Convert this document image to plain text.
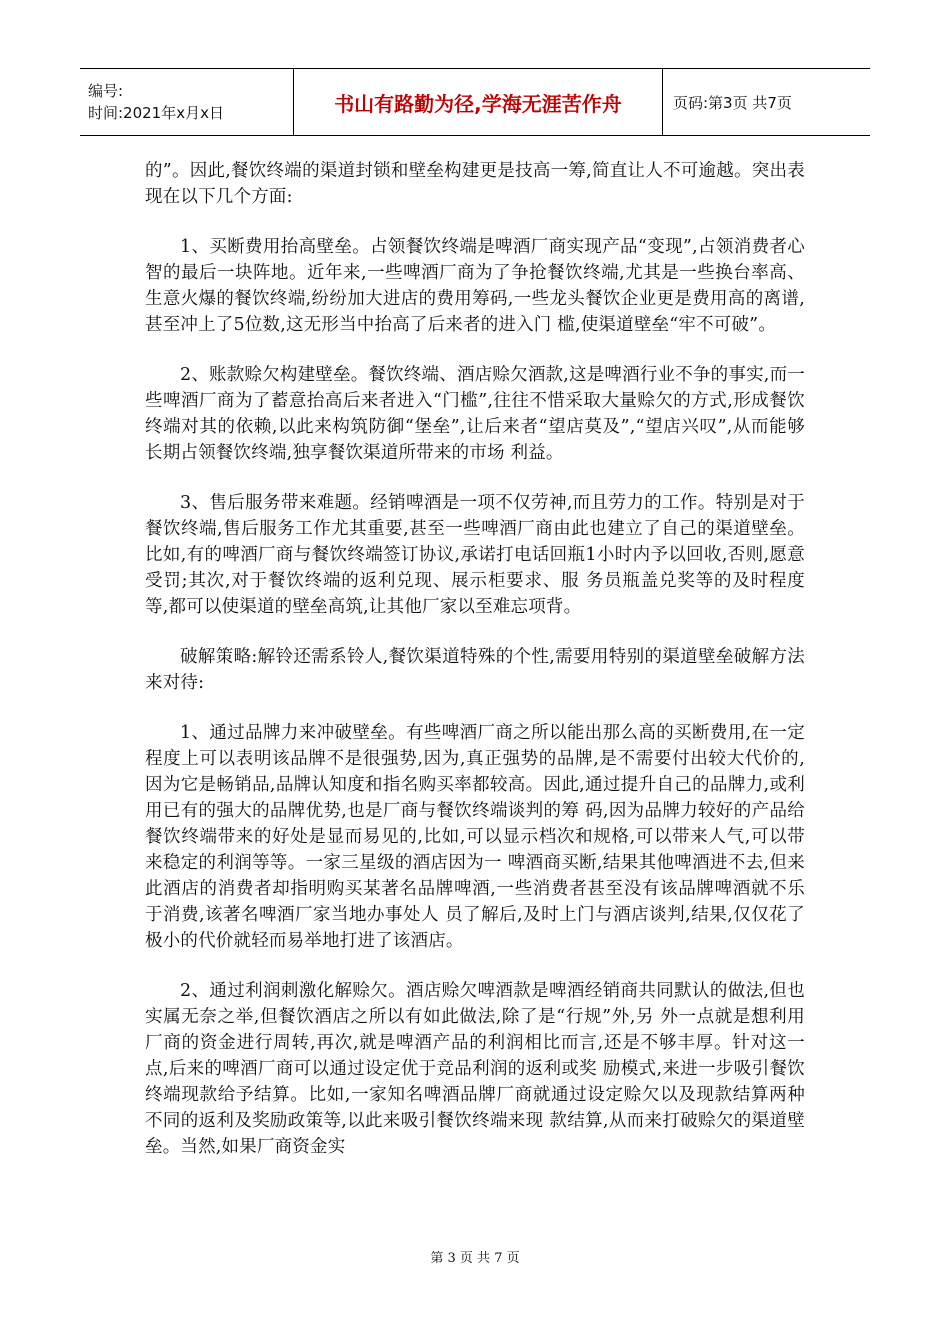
编号:
时间:2021年x月x日	书山有路勤为径,学海无涯苦作舟	页码:第3页 共7页

的”。因此,餐饮终端的渠道封锁和壁垒构建更是技高一筹,简直让人不可逾越。突出表现在以下几个方面:

1、买断费用抬高壁垒。占领餐饮终端是啤酒厂商实现产品“变现”,占领消费者心智的最后一块阵地。近年来,一些啤酒厂商为了争抢餐饮终端,尤其是一些换台率高、生意火爆的餐饮终端,纷纷加大进店的费用筹码,一些龙头餐饮企业更是费用高的离谱,甚至冲上了5位数,这无形当中抬高了后来者的进入门 槛,使渠道壁垒“牢不可破”。

2、账款赊欠构建壁垒。餐饮终端、酒店赊欠酒款,这是啤酒行业不争的事实,而一些啤酒厂商为了蓄意抬高后来者进入“门槛”,往往不惜采取大量赊欠的方式,形成餐饮终端对其的依赖,以此来构筑防御“堡垒”,让后来者“望店莫及”,“望店兴叹”,从而能够长期占领餐饮终端,独享餐饮渠道所带来的市场 利益。

3、售后服务带来难题。经销啤酒是一项不仅劳神,而且劳力的工作。特别是对于餐饮终端,售后服务工作尤其重要,甚至一些啤酒厂商由此也建立了自己的渠道壁垒。比如,有的啤酒厂商与餐饮终端签订协议,承诺打电话回瓶1小时内予以回收,否则,愿意受罚;其次,对于餐饮终端的返利兑现、展示柜要求、服 务员瓶盖兑奖等的及时程度等,都可以使渠道的壁垒高筑,让其他厂家以至难忘项背。

破解策略:解铃还需系铃人,餐饮渠道特殊的个性,需要用特别的渠道壁垒破解方法来对待:

1、通过品牌力来冲破壁垒。有些啤酒厂商之所以能出那么高的买断费用,在一定程度上可以表明该品牌不是很强势,因为,真正强势的品牌,是不需要付出较大代价的,因为它是畅销品,品牌认知度和指名购买率都较高。因此,通过提升自己的品牌力,或利用已有的强大的品牌优势,也是厂商与餐饮终端谈判的筹 码,因为品牌力较好的产品给餐饮终端带来的好处是显而易见的,比如,可以显示档次和规格,可以带来人气,可以带来稳定的利润等等。一家三星级的酒店因为一 啤酒商买断,结果其他啤酒进不去,但来此酒店的消费者却指明购买某著名品牌啤酒,一些消费者甚至没有该品牌啤酒就不乐于消费,该著名啤酒厂家当地办事处人 员了解后,及时上门与酒店谈判,结果,仅仅花了极小的代价就轻而易举地打进了该酒店。

2、通过利润刺激化解赊欠。酒店赊欠啤酒款是啤酒经销商共同默认的做法,但也实属无奈之举,但餐饮酒店之所以有如此做法,除了是“行规”外,另 外一点就是想利用厂商的资金进行周转,再次,就是啤酒产品的利润相比而言,还是不够丰厚。针对这一点,后来的啤酒厂商可以通过设定优于竞品利润的返利或奖 励模式,来进一步吸引餐饮终端现款给予结算。比如,一家知名啤酒品牌厂商就通过设定赊欠以及现款结算两种不同的返利及奖励政策等,以此来吸引餐饮终端来现 款结算,从而来打破赊欠的渠道壁垒。当然,如果厂商资金实

第 3 页 共 7 页
